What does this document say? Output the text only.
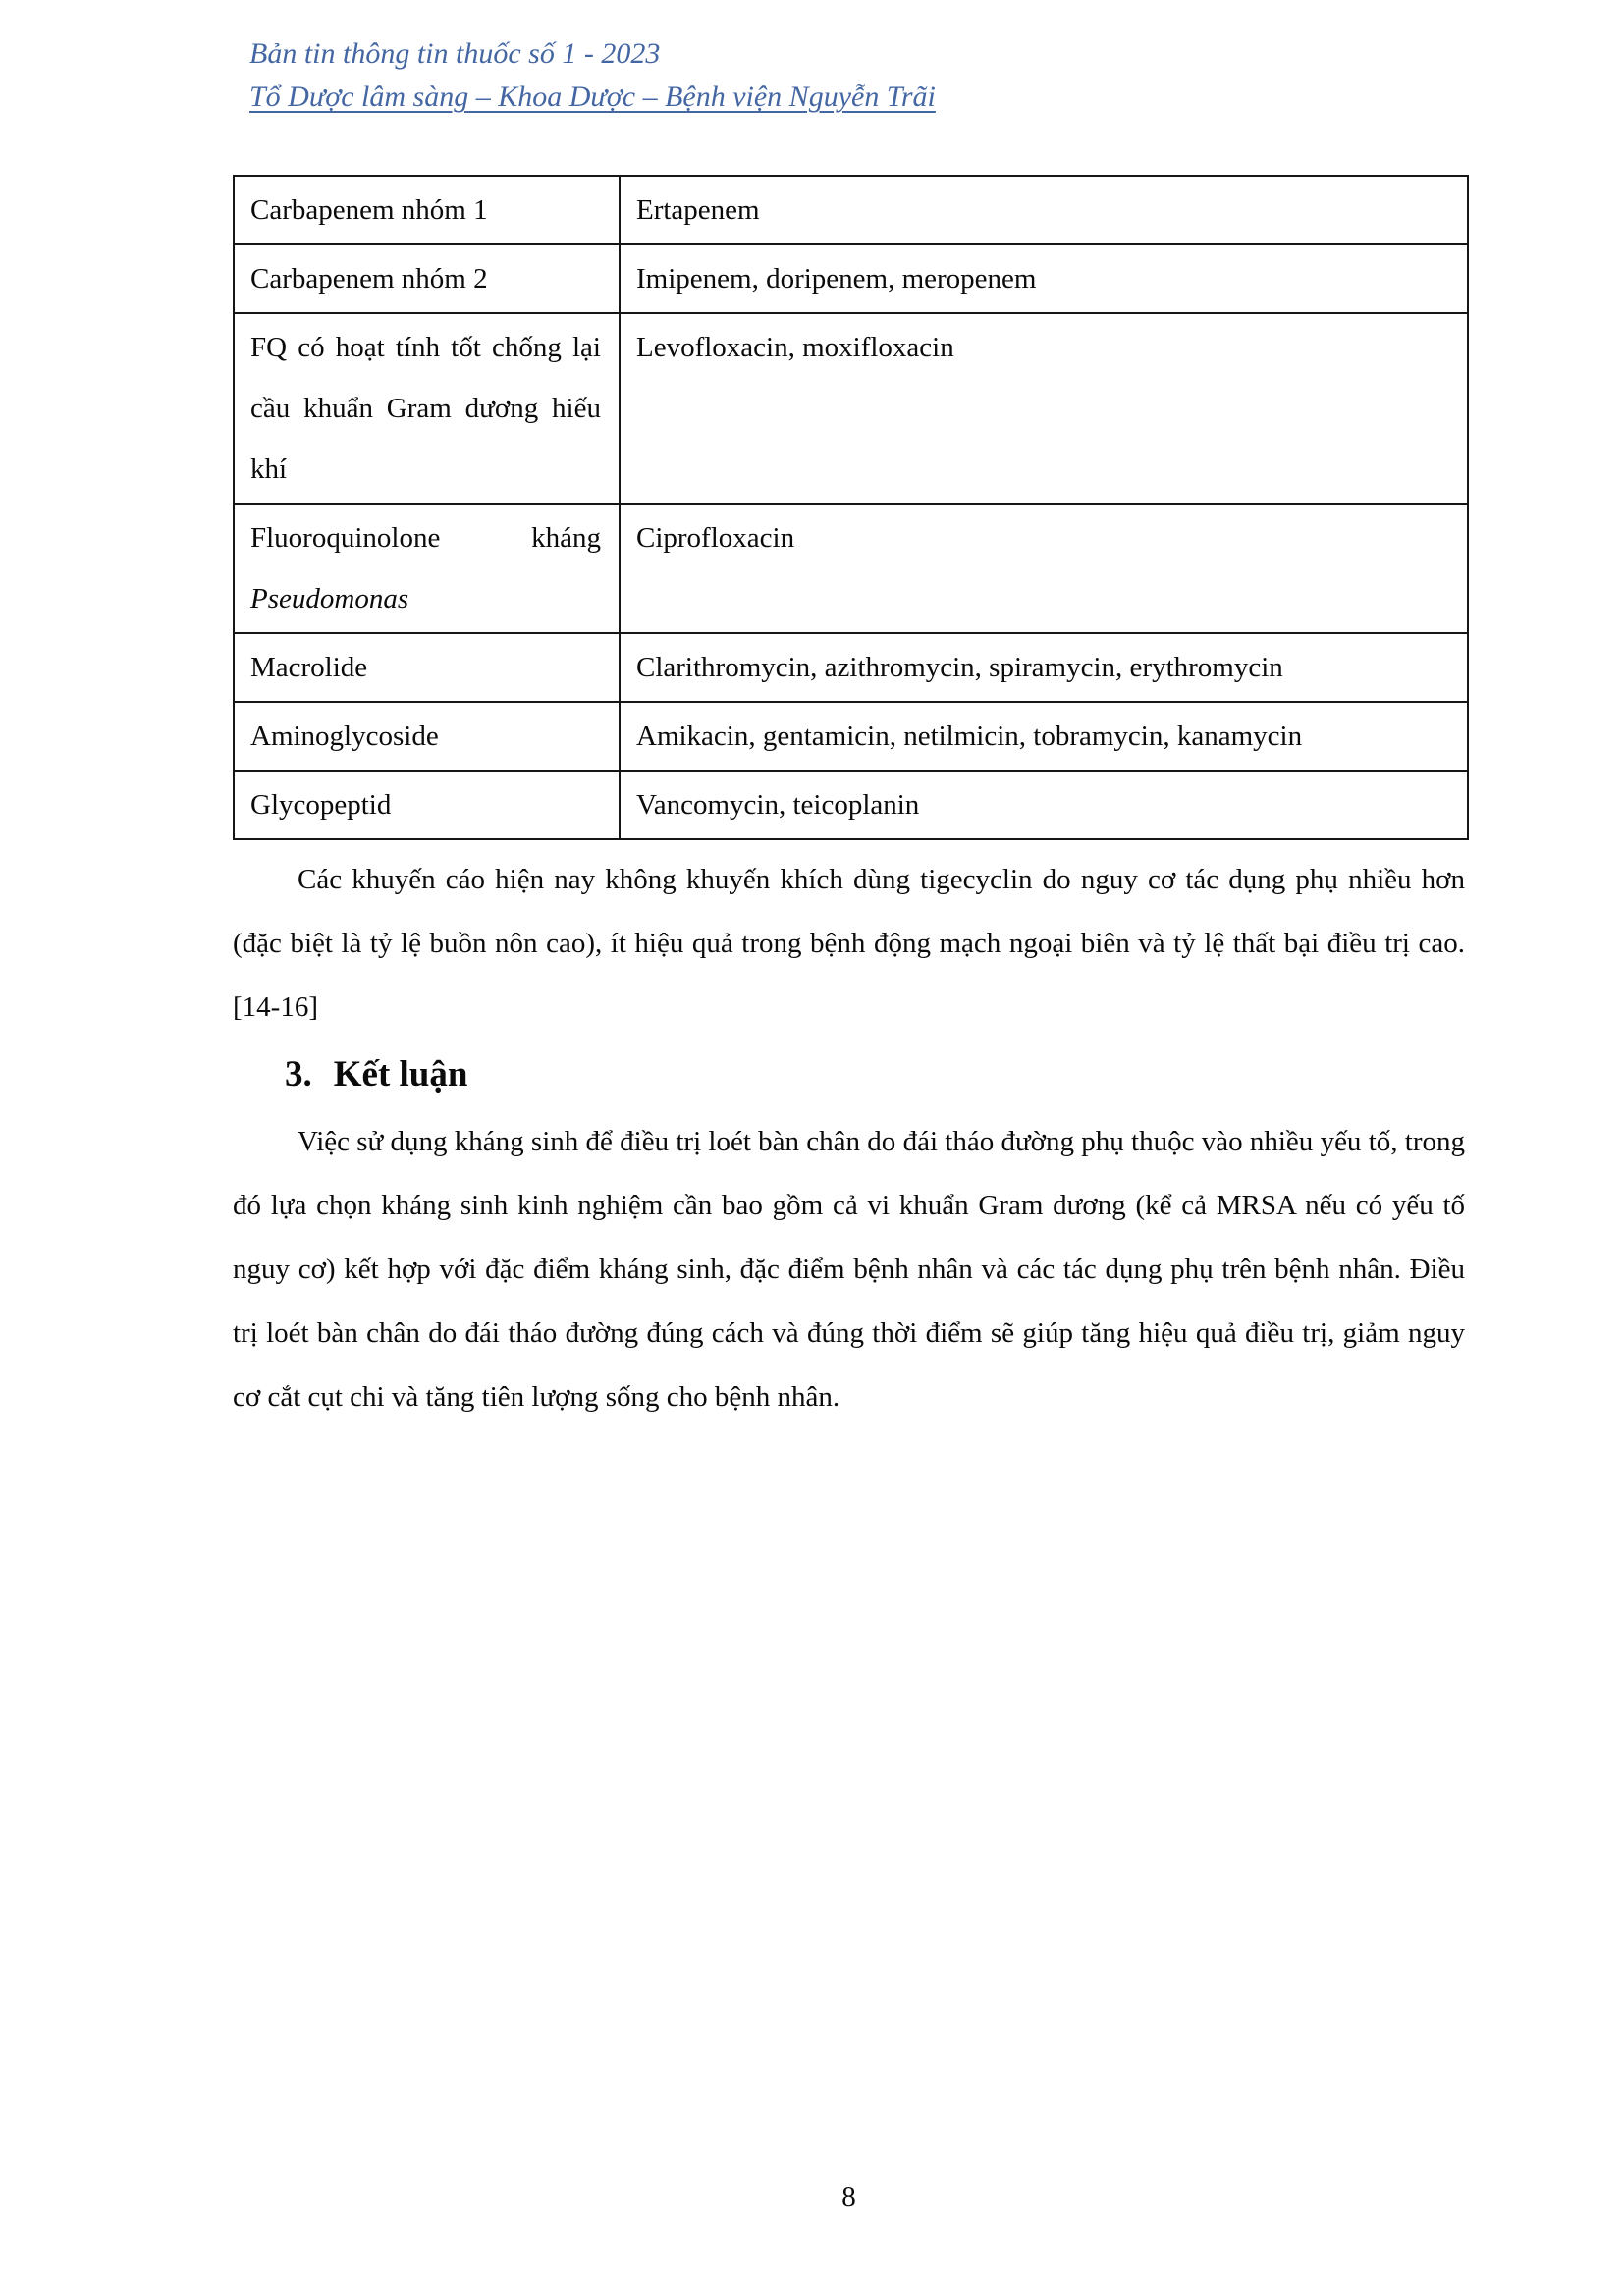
Bản tin thông tin thuốc số 1 - 2023
Tổ Dược lâm sàng – Khoa Dược – Bệnh viện Nguyễn Trãi
Carbapenem nhóm 1	Ertapenem
Carbapenem nhóm 2	Imipenem, doripenem, meropenem
FQ có hoạt tính tốt chống lại cầu khuẩn Gram dương hiếu khí	Levofloxacin, moxifloxacin
Fluoroquinolone kháng Pseudomonas	Ciprofloxacin
Macrolide	Clarithromycin, azithromycin, spiramycin, erythromycin
Aminoglycoside	Amikacin, gentamicin, netilmicin, tobramycin, kanamycin
Glycopeptid	Vancomycin, teicoplanin

Các khuyến cáo hiện nay không khuyến khích dùng tigecyclin do nguy cơ tác dụng phụ nhiều hơn (đặc biệt là tỷ lệ buồn nôn cao), ít hiệu quả trong bệnh động mạch ngoại biên và tỷ lệ thất bại điều trị cao. [14-16]

3. Kết luận

Việc sử dụng kháng sinh để điều trị loét bàn chân do đái tháo đường phụ thuộc vào nhiều yếu tố, trong đó lựa chọn kháng sinh kinh nghiệm cần bao gồm cả vi khuẩn Gram dương (kể cả MRSA nếu có yếu tố nguy cơ) kết hợp với đặc điểm kháng sinh, đặc điểm bệnh nhân và các tác dụng phụ trên bệnh nhân. Điều trị loét bàn chân do đái tháo đường đúng cách và đúng thời điểm sẽ giúp tăng hiệu quả điều trị, giảm nguy cơ cắt cụt chi và tăng tiên lượng sống cho bệnh nhân.

8
